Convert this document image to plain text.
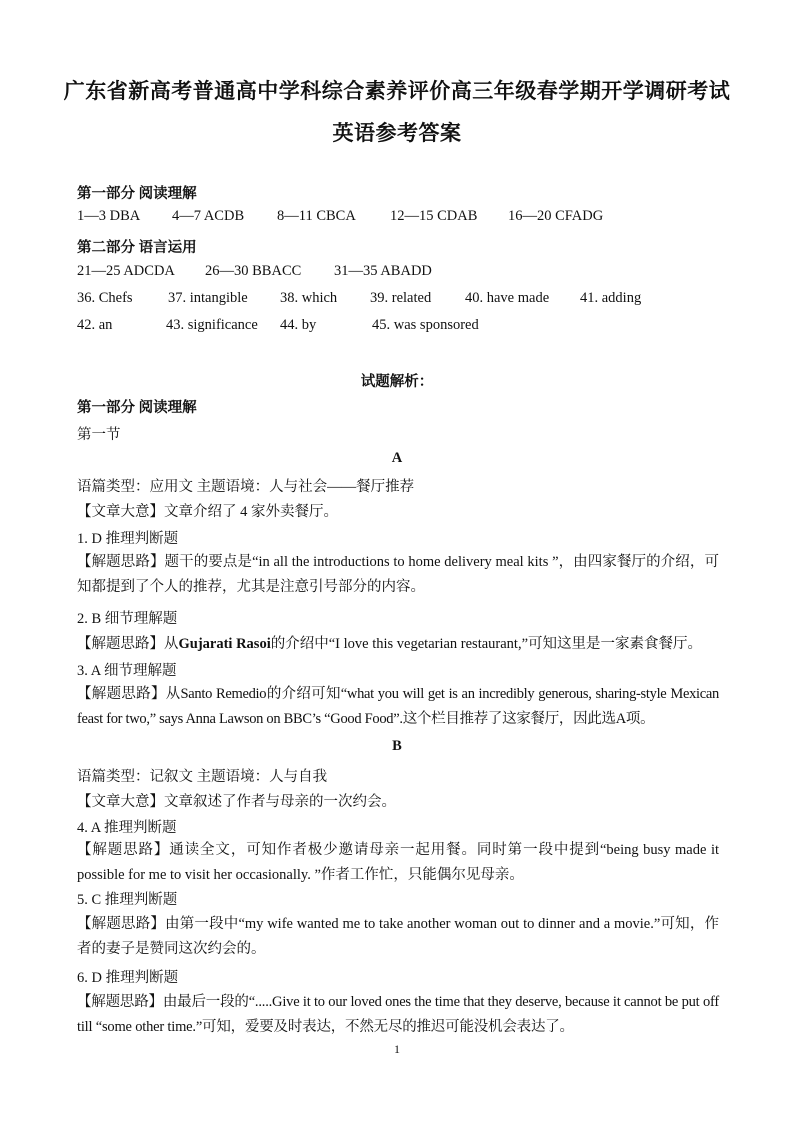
广东省新高考普通高中学科综合素养评价高三年级春学期开学调研考试
英语参考答案
第一部分 阅读理解
1—3 DBA 4—7 ACDB 8—11 CBCA 12—15 CDAB 16—20 CFADG
第二部分 语言运用
21—25 ADCDA 26—30 BBACC 31—35 ABADD
36. Chefs 37. intangible 38. which 39. related 40. have made 41. adding
42. an	43. significance 44. by	45. was sponsored
试题解析：
第一部分 阅读理解
第一节
A
语篇类型：应用文 主题语境：人与社会——餐厅推荐
【文章大意】文章介绍了 4 家外卖餐厅。
1. D 推理判断题
【解题思路】题干的要点是“in all the introductions to home delivery meal kits ”，由四家餐厅的介绍，可知都提到了个人的推荐，尤其是注意引号部分的内容。
2. B 细节理解题
【解题思路】从Gujarati Rasoi的介绍中“I love this vegetarian restaurant,”可知这里是一家素食餐厅。
3. A 细节理解题
【解题思路】从Santo Remedio的介绍可知“what you will get is an incredibly generous, sharing-style Mexican feast for two,” says Anna Lawson on BBC’s “Good Food”.这个栏目推荐了这家餐厅，因此选A项。
B
语篇类型：记叙文 主题语境：人与自我
【文章大意】文章叙述了作者与母亲的一次约会。
4. A 推理判断题
【解题思路】通读全文，可知作者极少邀请母亲一起用餐。同时第一段中提到“being busy made it possible for me to visit her occasionally. ”作者工作忙，只能偶尔见母亲。
5. C 推理判断题
【解题思路】由第一段中“my wife wanted me to take another woman out to dinner and a movie.”可知，作者的妻子是赞同这次约会的。
6. D 推理判断题
【解题思路】由最后一段的“.....Give it to our loved ones the time that they deserve, because it cannot be put off till “some other time.”可知，爱要及时表达，不然无尽的推迟可能没机会表达了。
1
